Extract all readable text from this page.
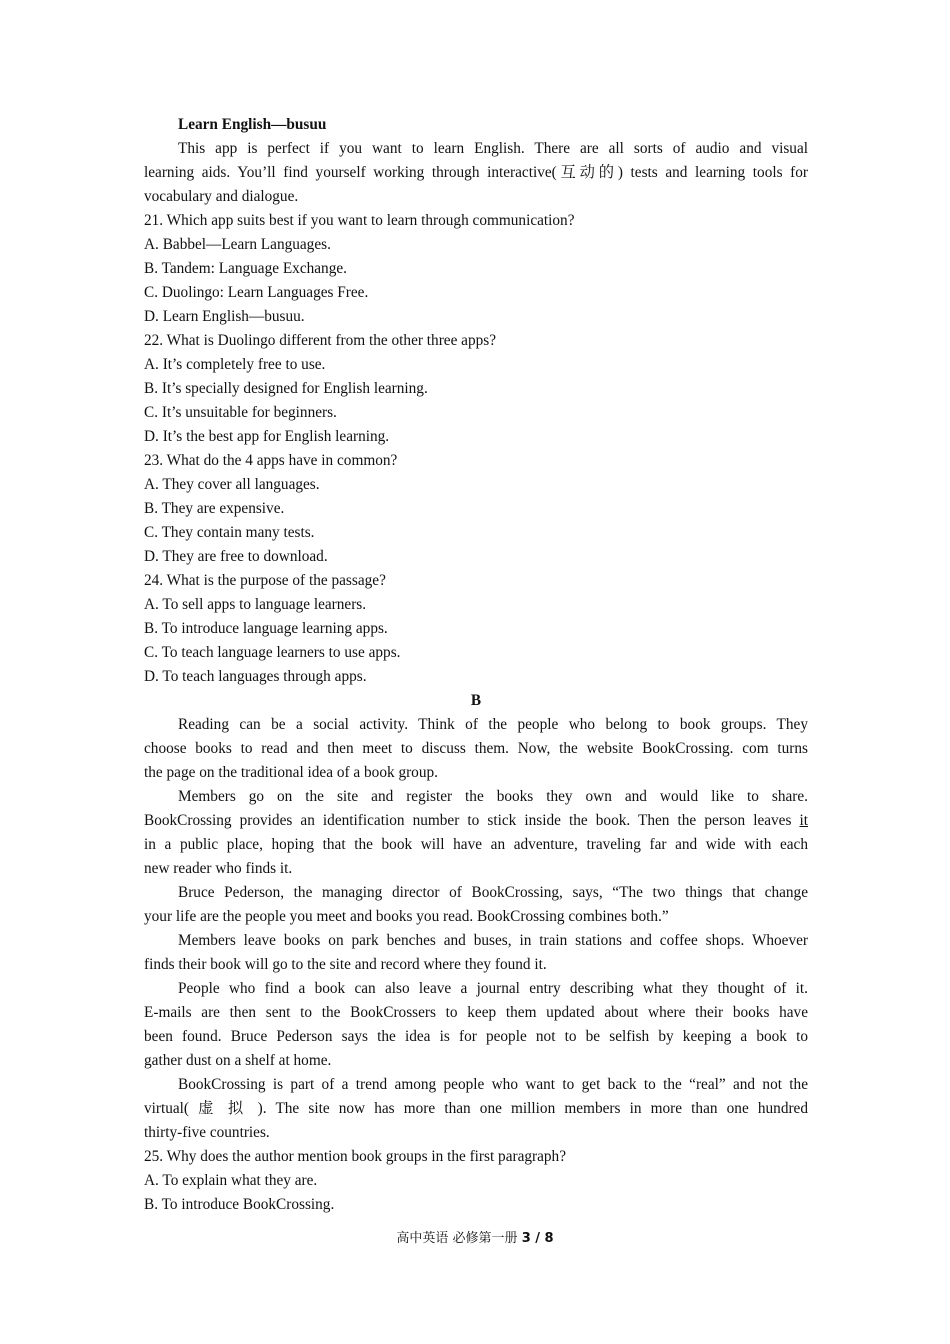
Learn English—busuu
This app is perfect if you want to learn English. There are all sorts of audio and visual
learning aids. You’ll find yourself working through interactive(互动的) tests and learning tools for
vocabulary and dialogue.
21. Which app suits best if you want to learn through communication?
A. Babbel—Learn Languages.
B. Tandem: Language Exchange.
C. Duolingo: Learn Languages Free.
D. Learn English—busuu.
22. What is Duolingo different from the other three apps?
A. It’s completely free to use.
B. It’s specially designed for English learning.
C. It’s unsuitable for beginners.
D. It’s the best app for English learning.
23. What do the 4 apps have in common?
A. They cover all languages.
B. They are expensive.
C. They contain many tests.
D. They are free to download.
24. What is the purpose of the passage?
A. To sell apps to language learners.
B. To introduce language learning apps.
C. To teach language learners to use apps.
D. To teach languages through apps.
B
Reading can be a social activity. Think of the people who belong to book groups. They
choose books to read and then meet to discuss them. Now, the website BookCrossing. com turns
the page on the traditional idea of a book group.
Members go on the site and register the books they own and would like to share.
BookCrossing provides an identification number to stick inside the book. Then the person leaves it
in a public place, hoping that the book will have an adventure, traveling far and wide with each
new reader who finds it.
Bruce Pederson, the managing director of BookCrossing, says, “The two things that change
your life are the people you meet and books you read. BookCrossing combines both.”
Members leave books on park benches and buses, in train stations and coffee shops. Whoever
finds their book will go to the site and record where they found it.
People who find a book can also leave a journal entry describing what they thought of it.
E-mails are then sent to the BookCrossers to keep them updated about where their books have
been found. Bruce Pederson says the idea is for people not to be selfish by keeping a book to
gather dust on a shelf at home.
BookCrossing is part of a trend among people who want to get back to the “real” and not the
virtual( 虚 拟 ). The site now has more than one million members in more than one hundred
thirty-five countries.
25. Why does the author mention book groups in the first paragraph?
A. To explain what they are.
B. To introduce BookCrossing.
高中英语 必修第一册 3 / 8
